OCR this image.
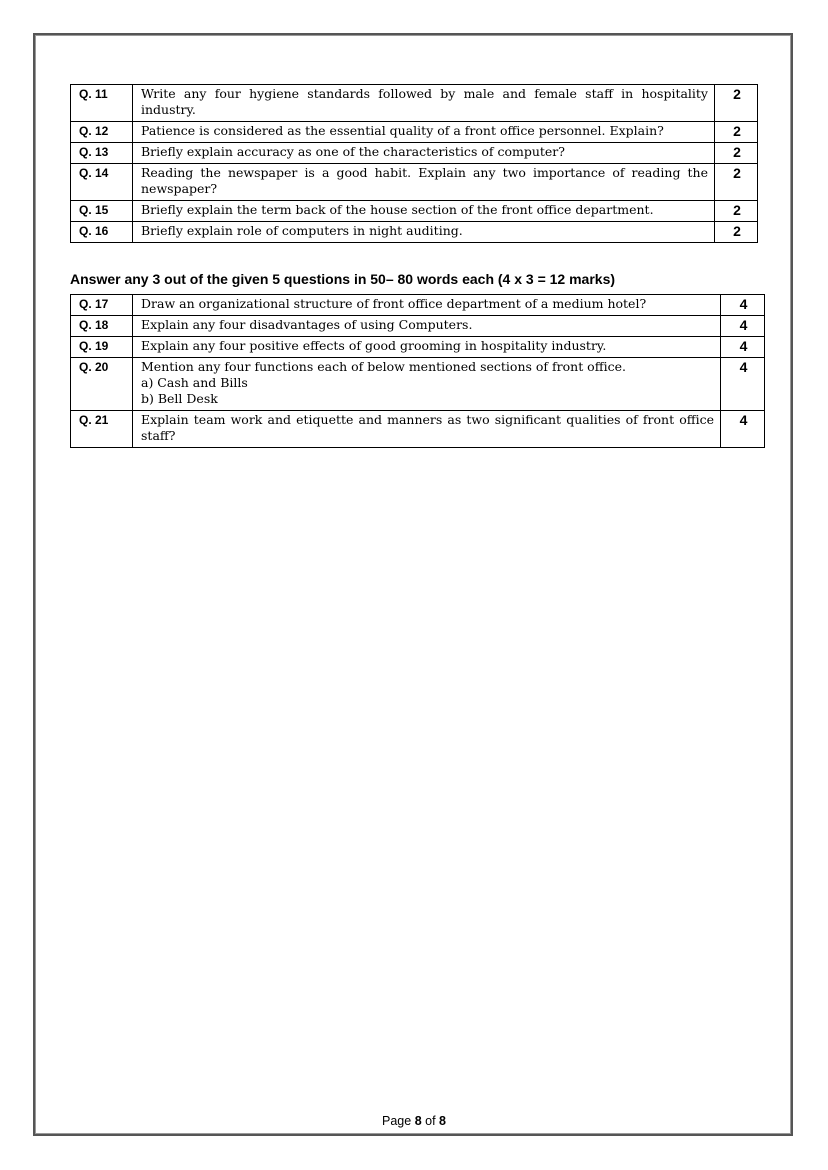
Q. 11	Write any four hygiene standards followed by male and female staff in hospitality industry.	2
Q. 12	Patience is considered as the essential quality of a front office personnel. Explain?	2
Q. 13	Briefly explain accuracy as one of the characteristics of computer?	2
Q. 14	Reading the newspaper is a good habit. Explain any two importance of reading the newspaper?	2
Q. 15	Briefly explain the term back of the house section of the front office department.	2
Q. 16	Briefly explain role of computers in night auditing.	2

Answer any 3 out of the given 5 questions in 50– 80 words each (4 x 3 = 12 marks)

Q. 17	Draw an organizational structure of front office department of a medium hotel?	4
Q. 18	Explain any four disadvantages of using Computers.	4
Q. 19	Explain any four positive effects of good grooming in hospitality industry.	4
Q. 20	Mention any four functions each of below mentioned sections of front office.
a) Cash and Bills
b) Bell Desk	4
Q. 21	Explain team work and etiquette and manners as two significant qualities of front office staff?	4
Page 8 of 8
